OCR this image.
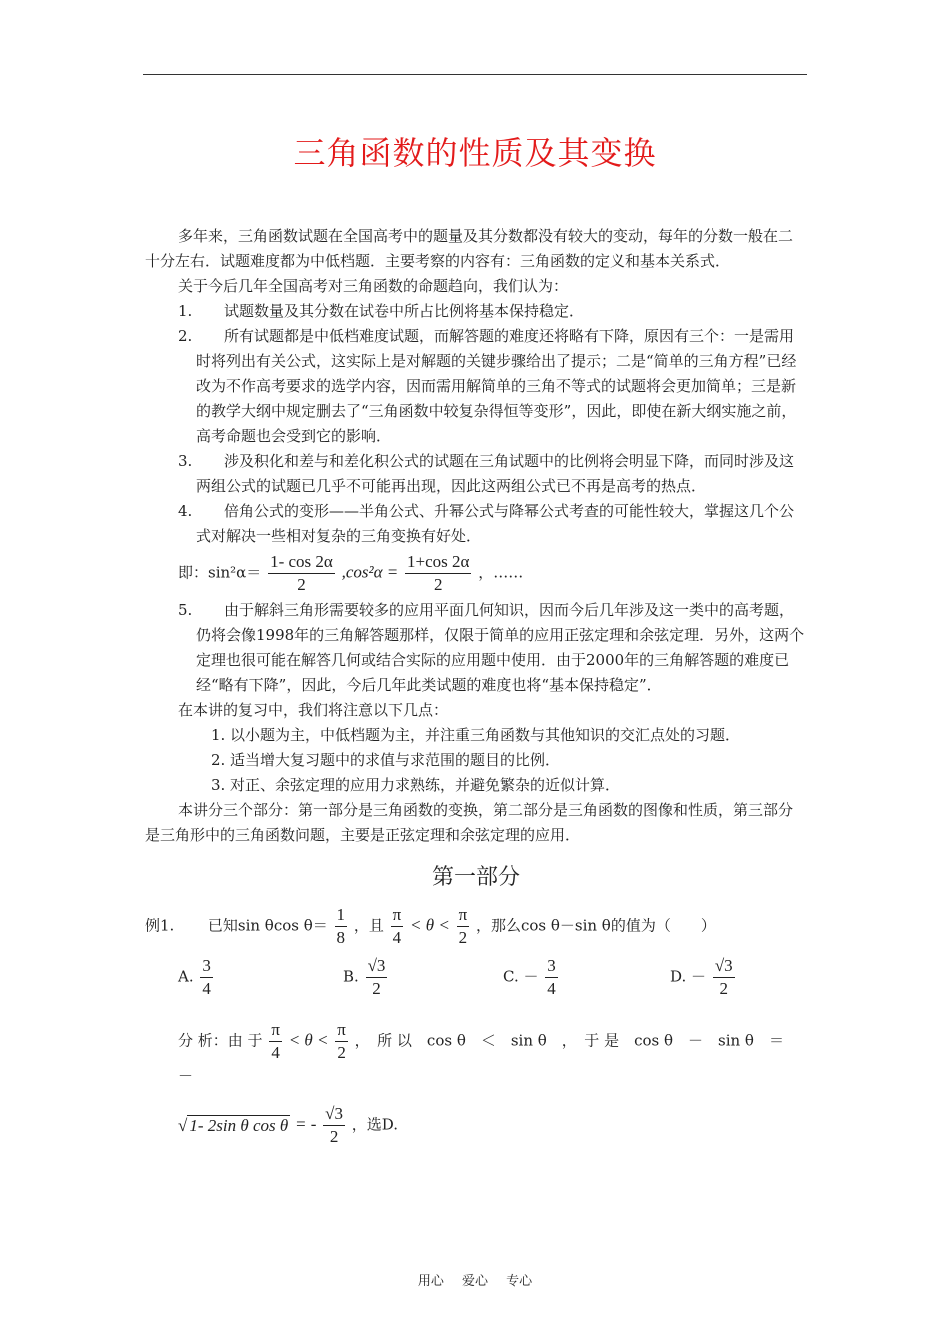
三角函数的性质及其变换

多年来，三角函数试题在全国高考中的题量及其分数都没有较大的变动，每年的分数一般在二十分左右．试题难度都为中低档题．主要考察的内容有：三角函数的定义和基本关系式．

关于今后几年全国高考对三角函数的命题趋向，我们认为：

1.	试题数量及其分数在试卷中所占比例将基本保持稳定．

2.	所有试题都是中低档难度试题，而解答题的难度还将略有下降，原因有三个：一是需用时将列出有关公式，这实际上是对解题的关键步骤给出了提示；二是“简单的三角方程”已经改为不作高考要求的选学内容，因而需用解简单的三角不等式的试题将会更加简单；三是新的教学大纲中规定删去了“三角函数中较复杂得恒等变形”，因此，即使在新大纲实施之前，高考命题也会受到它的影响．

3.	涉及积化和差与和差化积公式的试题在三角试题中的比例将会明显下降，而同时涉及这两组公式的试题已几乎不可能再出现，因此这两组公式已不再是高考的热点．

4.	倍角公式的变形——半角公式、升幂公式与降幂公式考查的可能性较大，掌握这几个公式对解决一些相对复杂的三角变换有好处．

即：$\sin^2\alpha= \frac{1- \cos 2\alpha}{2} ,\cos^2\alpha = \frac{1+\cos 2\alpha}{2}$ ，……
5.	由于解斜三角形需要较多的应用平面几何知识，因而今后几年涉及这一类中的高考题，仍将会像1998年的三角解答题那样，仅限于简单的应用正弦定理和余弦定理．另外，这两个定理也很可能在解答几何或结合实际的应用题中使用．由于2000年的三角解答题的难度已经“略有下降”，因此，今后几年此类试题的难度也将“基本保持稳定”．

在本讲的复习中，我们将注意以下几点：

1. 以小题为主，中低档题为主，并注重三角函数与其他知识的交汇点处的习题．

2. 适当增大复习题中的求值与求范围的题目的比例．

3. 对正、余弦定理的应用力求熟练，并避免繁杂的近似计算．

本讲分三个部分：第一部分是三角函数的变换，第二部分是三角函数的图像和性质，第三部分是三角形中的三角函数问题，主要是正弦定理和余弦定理的应用．

第一部分
例1. 已知sin θcos $\theta= \frac{1}{8}$ ，且 $\frac{\pi}{4} < \theta < \frac{\pi}{2}$ ，那么cos θ－sin θ的值为（　　）
A. $\frac{3}{4}$	B. $\frac{√3}{2}$	C. － $\frac{3}{4}$	D. － $\frac{√3}{2}$
分 析：由 于 $\frac{\pi}{4} < \theta < \frac{\pi}{2}$ ，　所 以　cos θ　＜　sin θ　，　于 是　cos θ　－　sin θ　＝　－
√ 1- 2sin θ cos θ = - $\frac{√3}{2}$ ，选D.
用心 爱心 专心
